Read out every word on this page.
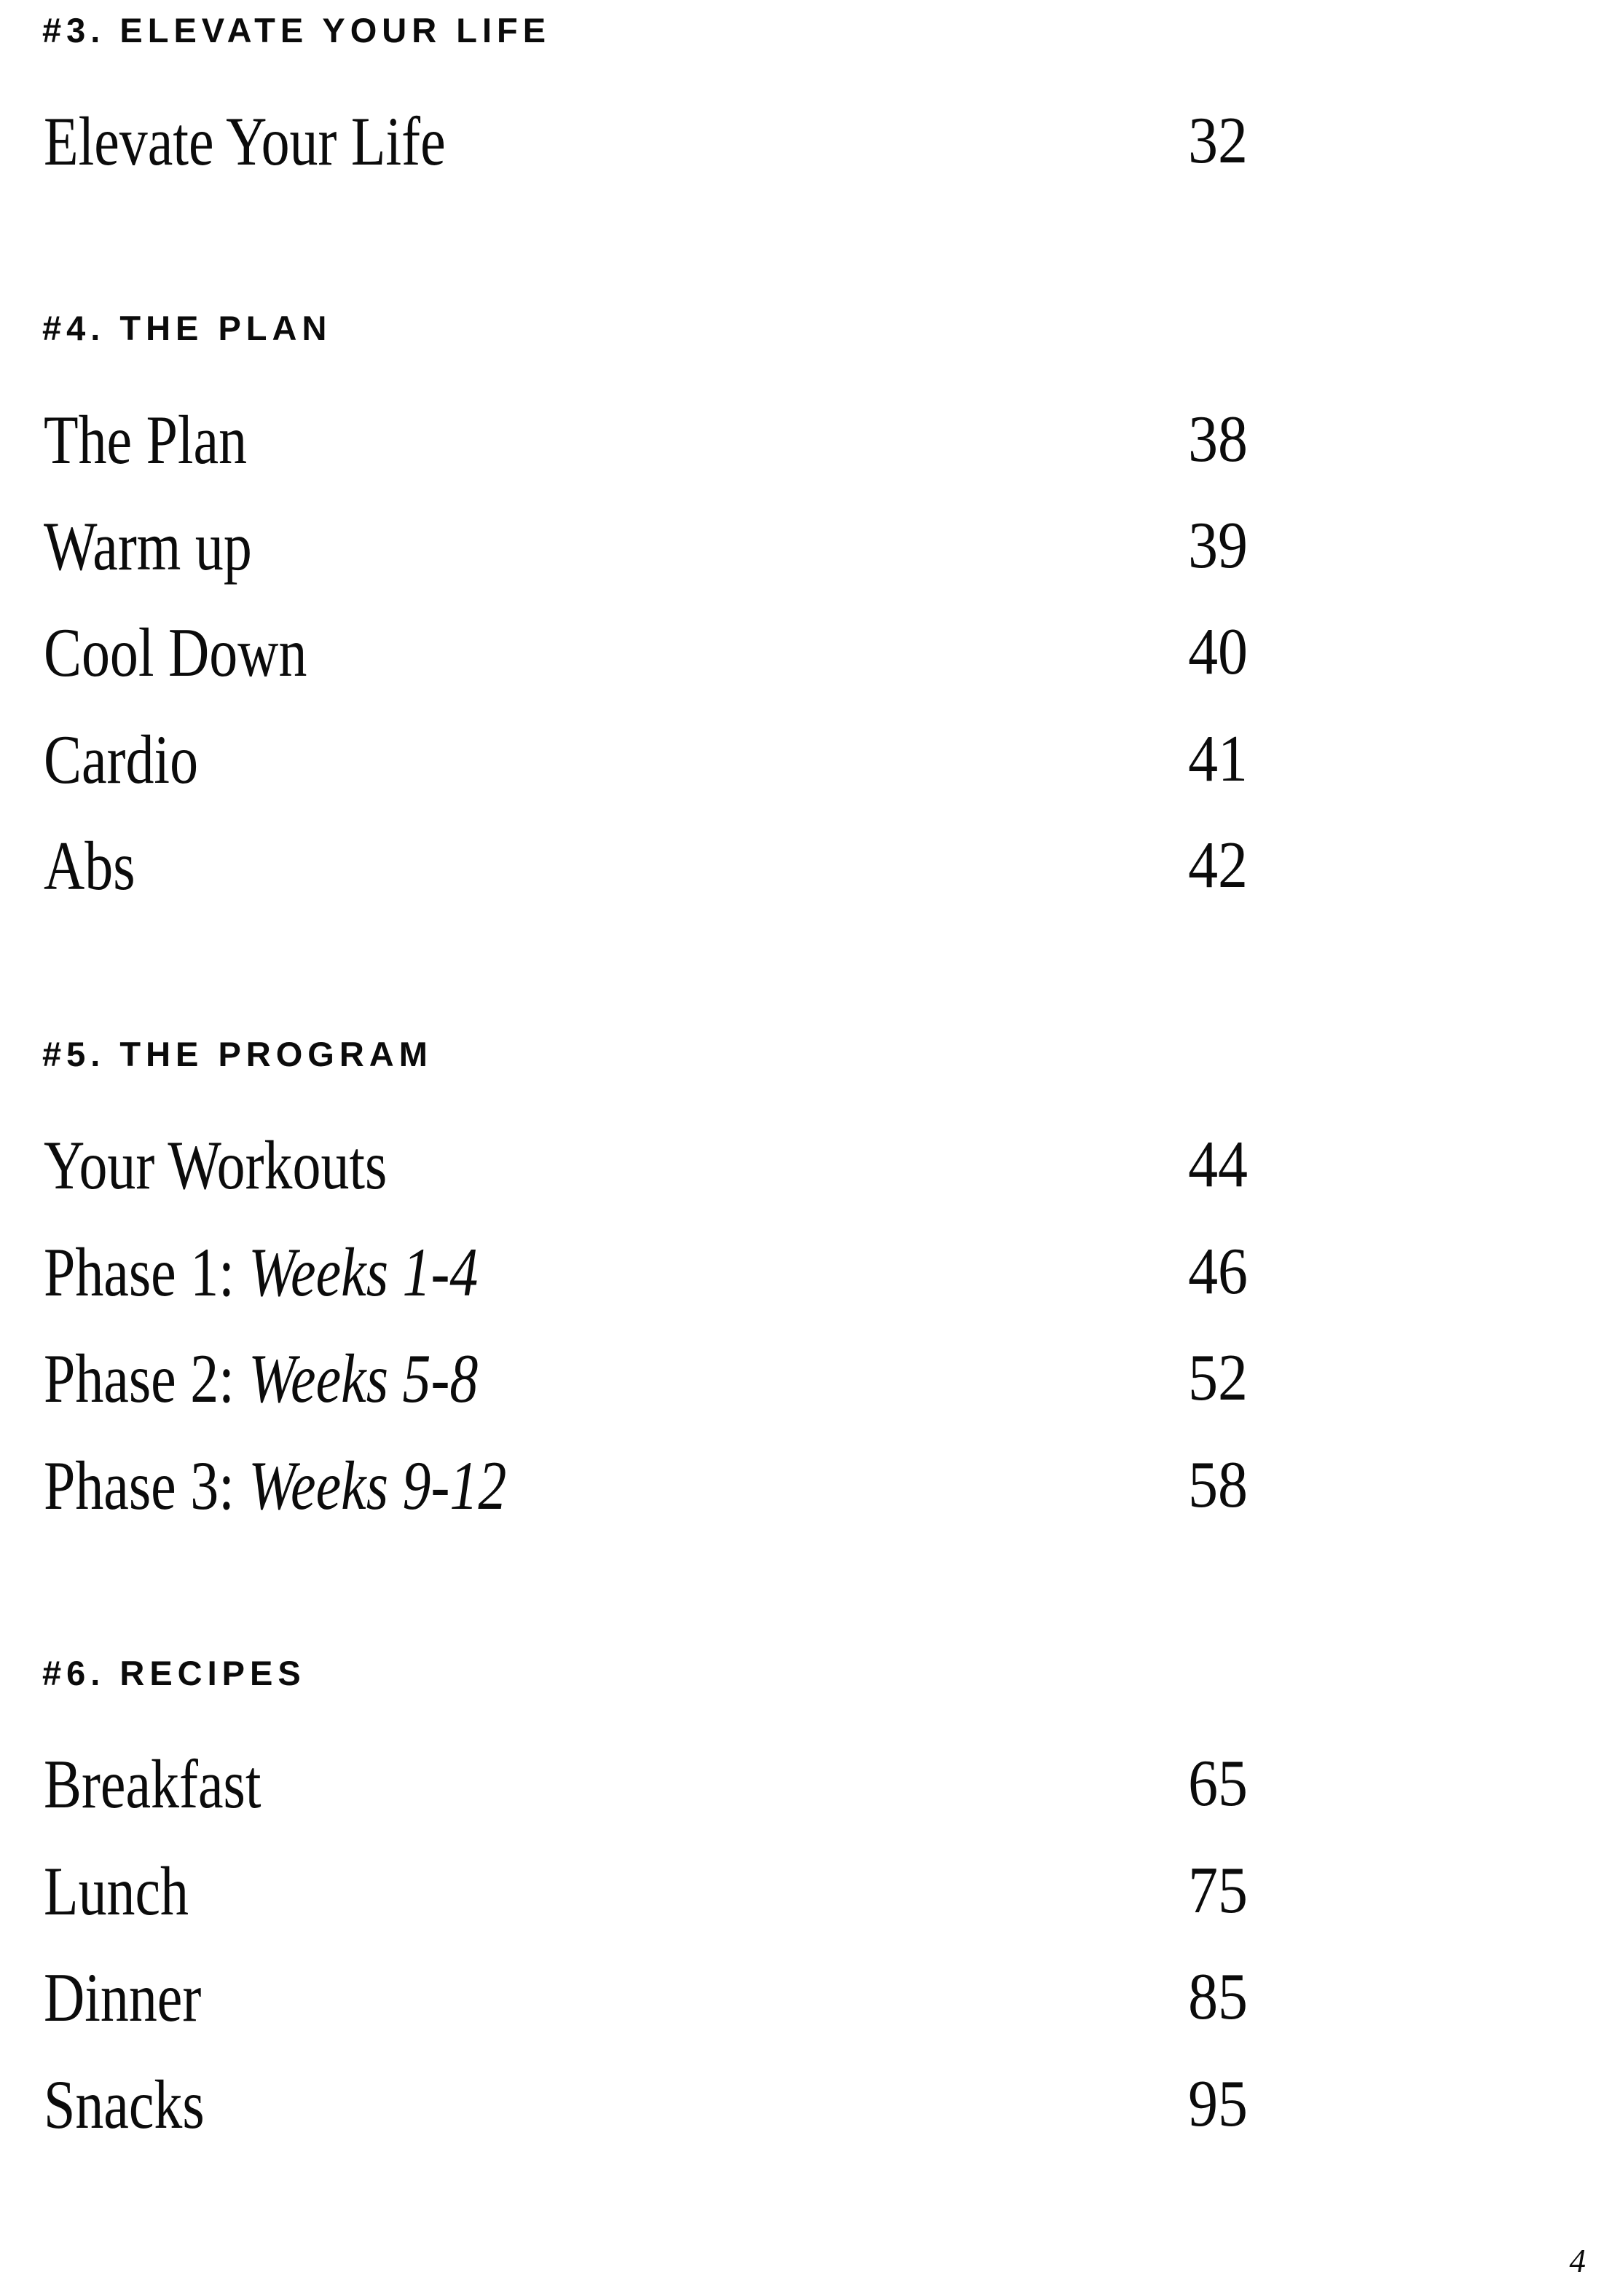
#3. ELEVATE YOUR LIFE
Elevate Your Life	32
#4. THE PLAN
The Plan	38
Warm up	39
Cool Down	40
Cardio	41
Abs	42
#5. THE PROGRAM
Your Workouts	44
Phase 1: Weeks 1-4	46
Phase 2: Weeks 5-8	52
Phase 3: Weeks 9-12	58
#6. RECIPES
Breakfast	65
Lunch	75
Dinner	85
Snacks	95
4
